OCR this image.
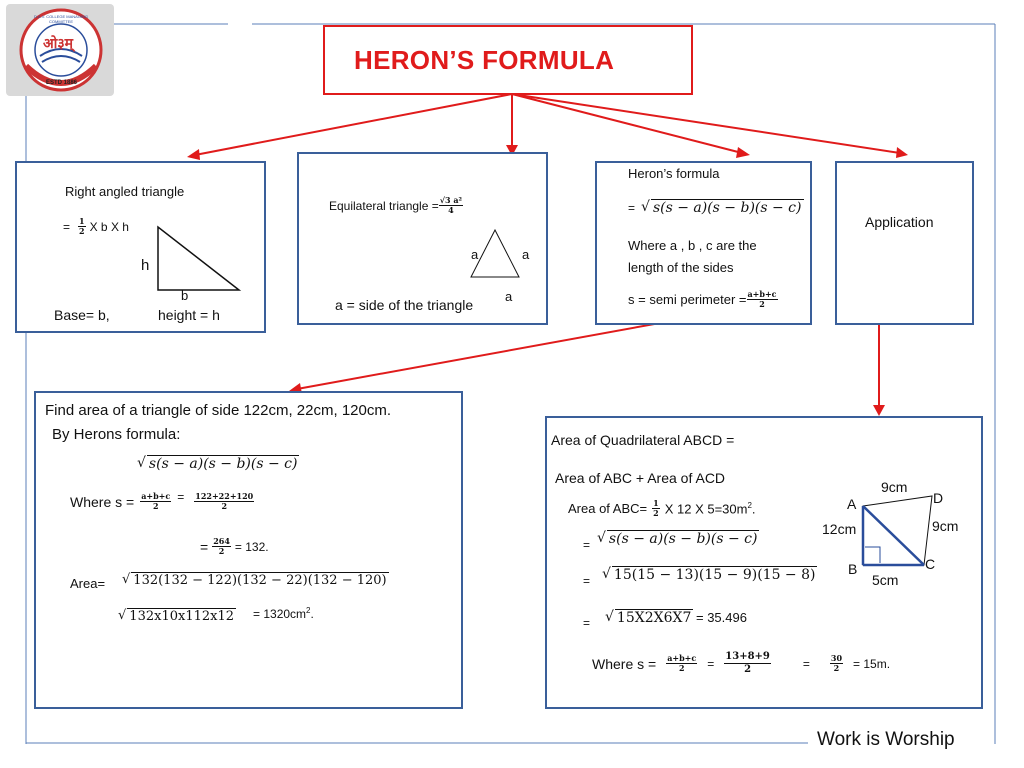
ओ३म्
D.A.V. COLLEGE MANAGING COMMITTEE
ESTD 1886
HERON’S FORMULA
Right angled triangle
= $\frac{1}{2}$ X b X h
h
b
Base= b,	height = h
Equilateral triangle = $\frac{\text{√3 a²}}{4}$
a	a
a
a = side of the triangle
Heron’s formula
= √ s(s − a)(s − b)(s − c)
Where a , b , c are the
length of the sides
s = semi perimeter = $\frac{a+b+c}{2}$
Application
Find area of a triangle of side 122cm, 22cm, 120cm.
By Herons formula:
√ s(s − a)(s − b)(s − c)
Where $s = \frac{a+b+c}{2} = \frac{122+22+120}{2}$
= $\frac{264}{2} = 132$.
Area= √ 132(132 − 122)(132 − 22)(132 − 120)
√ $132x10x112x12 = 1320cm^2$.
Area of Quadrilateral ABCD =
Area of ABC + Area of ACD
Area of $ABC= \frac{1}{2}$ X 12 X $5=30m^2$.
= √ s(s − a)(s − b)(s − c)
= √ 15(15 − 13)(15 − 9)(15 − 8)
= √ 15X2X6X7 = 35.496
Where $s = \frac{a+b+c}{2} = \frac{13+8+9}{2}$	=	$\frac{30}{2} = 15m$.
A	D
B	C
12cm
9cm
9cm
5cm
Work is Worship
